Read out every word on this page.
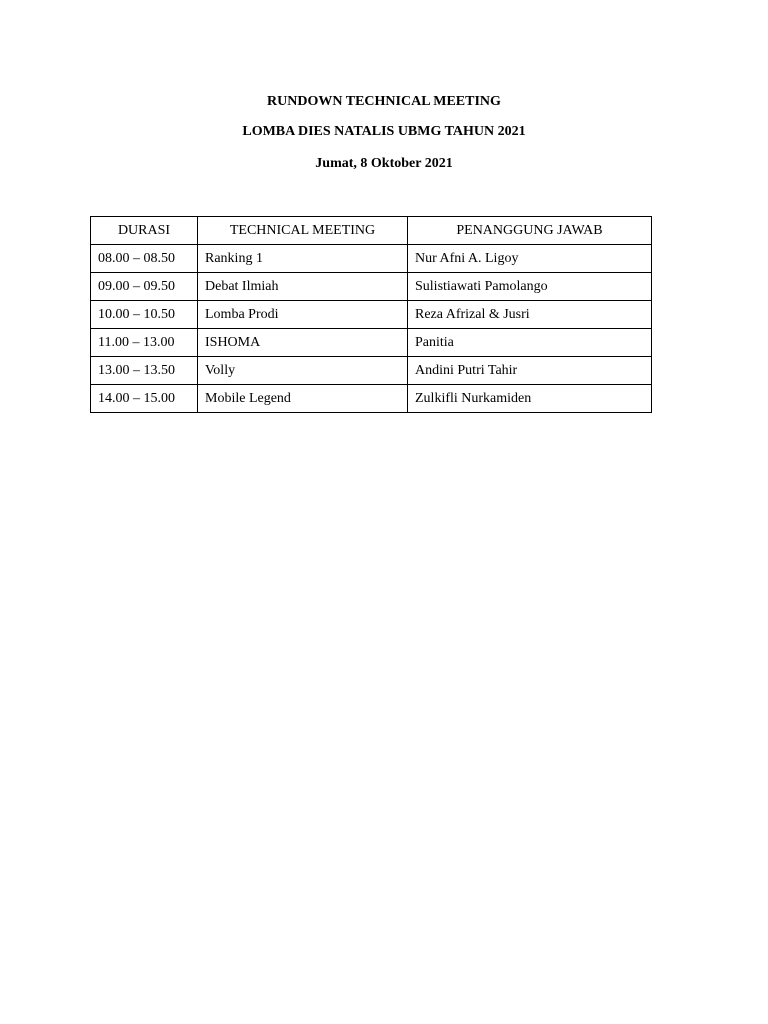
RUNDOWN TECHNICAL MEETING

LOMBA DIES NATALIS UBMG TAHUN 2021

Jumat, 8 Oktober 2021

DURASI	TECHNICAL MEETING	PENANGGUNG JAWAB
08.00 – 08.50	Ranking 1	Nur Afni A. Ligoy
09.00 – 09.50	Debat Ilmiah	Sulistiawati Pamolango
10.00 – 10.50	Lomba Prodi	Reza Afrizal & Jusri
11.00 – 13.00	ISHOMA	Panitia
13.00 – 13.50	Volly	Andini Putri Tahir
14.00 – 15.00	Mobile Legend	Zulkifli Nurkamiden
